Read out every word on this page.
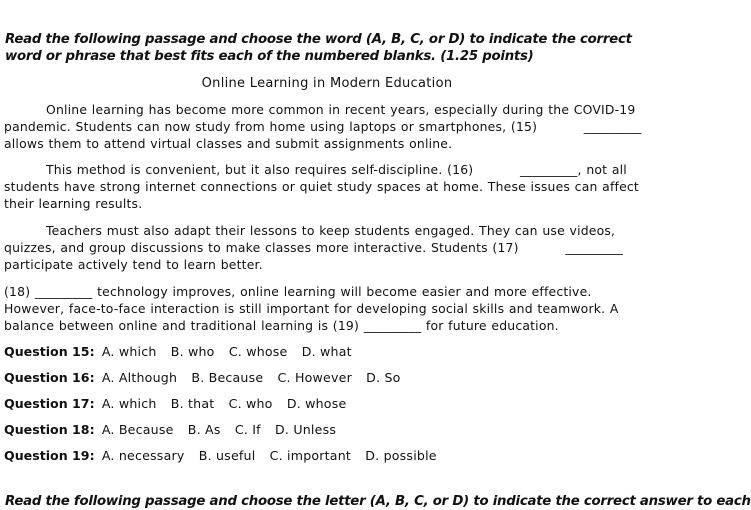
Read the following passage and choose the word (A, B, C, or D) to indicate the correct word or phrase that best fits each of the numbered blanks. (1.25 points)
Online Learning in Modern Education
Online learning has become more common in recent years, especially during the COVID-19 pandemic. Students can now study from home using laptops or smartphones, (15)	_________ allows them to attend virtual classes and submit assignments online.
This method is convenient, but it also requires self-discipline. (16)	_________, not all students have strong internet connections or quiet study spaces at home. These issues can affect their learning results.
Teachers must also adapt their lessons to keep students engaged. They can use videos, quizzes, and group discussions to make classes more interactive. Students (17)	_________ participate actively tend to learn better.
(18) _________ technology improves, online learning will become easier and more effective. However, face-to-face interaction is still important for developing social skills and teamwork. A balance between online and traditional learning is (19) _________ for future education.
Question 15: A. which B. who C. whose D. what
Question 16: A. Although B. Because C. However D. So
Question 17: A. which B. that C. who D. whose
Question 18: A. Because B. As C. If D. Unless
Question 19: A. necessary B. useful C. important D. possible
Read the following passage and choose the letter (A, B, C, or D) to indicate the correct answer to each
